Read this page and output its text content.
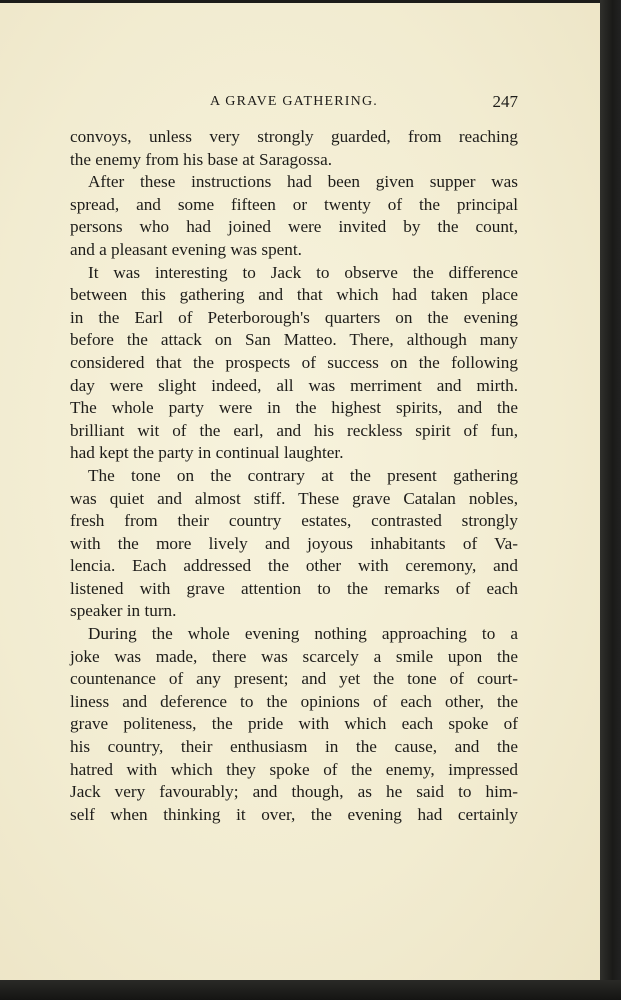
A GRAVE GATHERING.	247

convoys, unless very strongly guarded, from reaching

the enemy from his base at Saragossa.

After these instructions had been given supper was

spread, and some fifteen or twenty of the principal

persons who had joined were invited by the count,

and a pleasant evening was spent.

It was interesting to Jack to observe the difference

between this gathering and that which had taken place

in the Earl of Peterborough's quarters on the evening

before the attack on San Matteo. There, although many

considered that the prospects of success on the following

day were slight indeed, all was merriment and mirth.

The whole party were in the highest spirits, and the

brilliant wit of the earl, and his reckless spirit of fun,

had kept the party in continual laughter.

The tone on the contrary at the present gathering

was quiet and almost stiff. These grave Catalan nobles,

fresh from their country estates, contrasted strongly

with the more lively and joyous inhabitants of Va-

lencia. Each addressed the other with ceremony, and

listened with grave attention to the remarks of each

speaker in turn.

During the whole evening nothing approaching to a

joke was made, there was scarcely a smile upon the

countenance of any present; and yet the tone of court-

liness and deference to the opinions of each other, the

grave politeness, the pride with which each spoke of

his country, their enthusiasm in the cause, and the

hatred with which they spoke of the enemy, impressed

Jack very favourably; and though, as he said to him-

self when thinking it over, the evening had certainly
